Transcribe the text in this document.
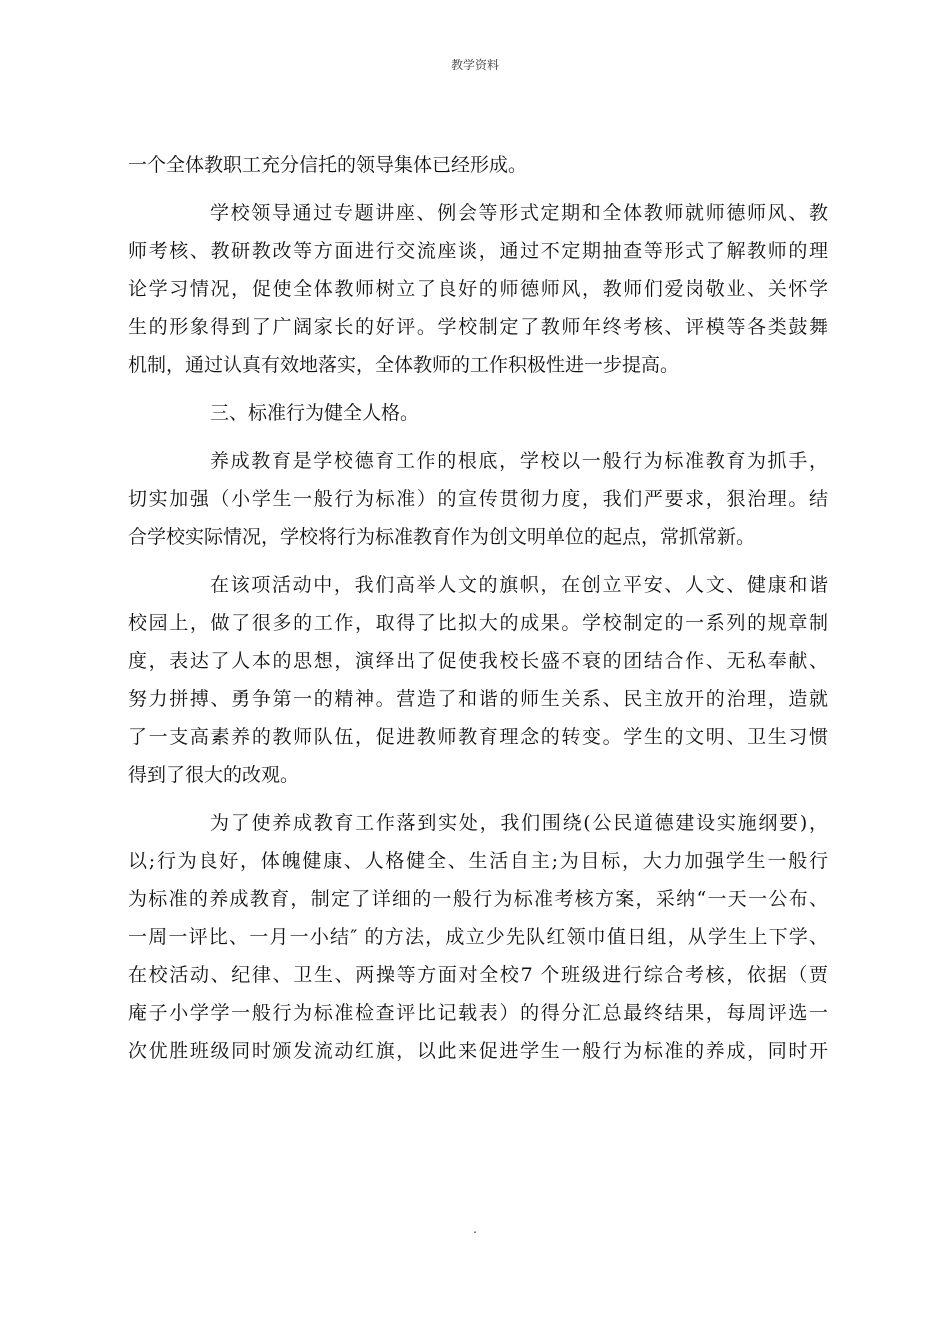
教学资料
一个全体教职工充分信托的领导集体已经形成。
学校领导通过专题讲座、例会等形式定期和全体教师就师德师风、教
师考核、教研教改等方面进行交流座谈，通过不定期抽查等形式了解教师的理
论学习情况，促使全体教师树立了良好的师德师风，教师们爱岗敬业、关怀学
生的形象得到了广阔家长的好评。学校制定了教师年终考核、评模等各类鼓舞
机制，通过认真有效地落实，全体教师的工作积极性进一步提高。
三、标准行为健全人格。
养成教育是学校德育工作的根底，学校以一般行为标准教育为抓手，
切实加强（小学生一般行为标准）的宣传贯彻力度，我们严要求，狠治理。结
合学校实际情况，学校将行为标准教育作为创文明单位的起点，常抓常新。
在该项活动中，我们高举人文的旗帜，在创立平安、人文、健康和谐
校园上，做了很多的工作，取得了比拟大的成果。学校制定的一系列的规章制
度，表达了人本的思想，演绎出了促使我校长盛不衰的团结合作、无私奉献、
努力拼搏、勇争第一的精神。营造了和谐的师生关系、民主放开的治理，造就
了一支高素养的教师队伍，促进教师教育理念的转变。学生的文明、卫生习惯
得到了很大的改观。
为了使养成教育工作落到实处，我们围绕(公民道德建设实施纲要)，
以;行为良好，体魄健康、人格健全、生活自主;为目标，大力加强学生一般行
为标准的养成教育，制定了详细的一般行为标准考核方案，采纳“一天一公布、
一周一评比、一月一小结″ 的方法，成立少先队红领巾值日组，从学生上下学、
在校活动、纪律、卫生、两操等方面对全校7 个班级进行综合考核，依据（贾
庵子小学学一般行为标准检查评比记载表）的得分汇总最终结果，每周评选一
次优胜班级同时颁发流动红旗，以此来促进学生一般行为标准的养成，同时开
.
